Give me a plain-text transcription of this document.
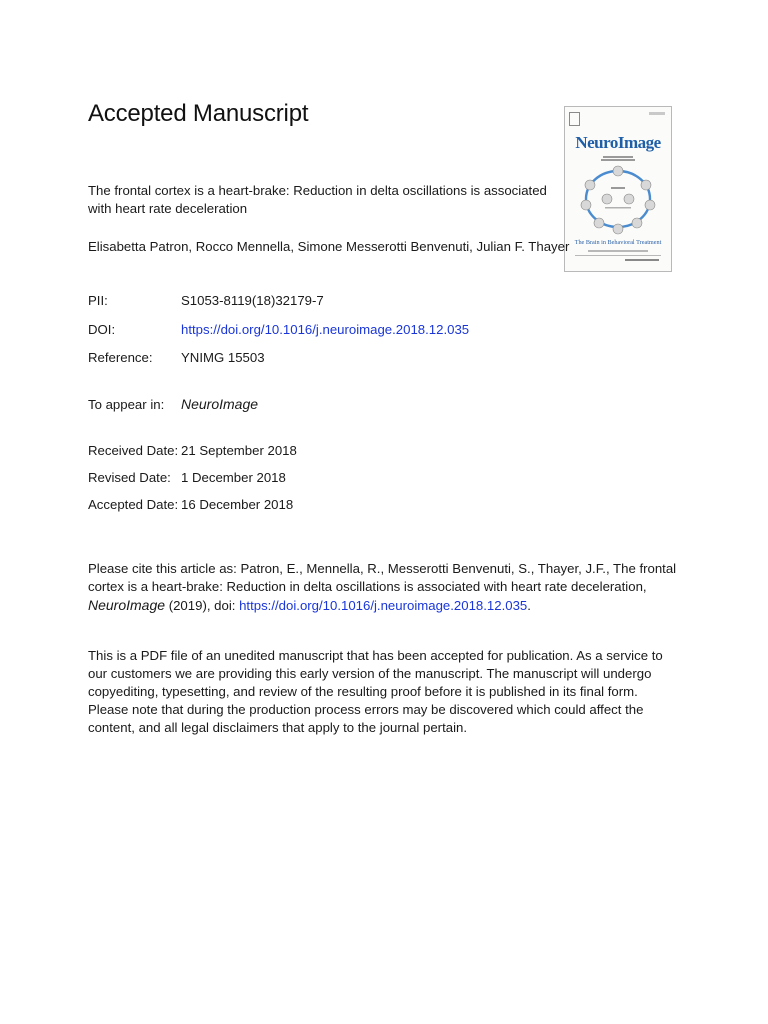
Accepted Manuscript
NeuroImage
The Brain in Behavioral Treatment
The frontal cortex is a heart-brake: Reduction in delta oscillations is associated with heart rate deceleration
Elisabetta Patron, Rocco Mennella, Simone Messerotti Benvenuti, Julian F. Thayer
PII:	S1053-8119(18)32179-7
DOI:	https://doi.org/10.1016/j.neuroimage.2018.12.035
Reference: YNIMG 15503
To appear in: NeuroImage
Received Date: 21 September 2018
Revised Date: 1 December 2018
Accepted Date: 16 December 2018
Please cite this article as: Patron, E., Mennella, R., Messerotti Benvenuti, S., Thayer, J.F., The frontal cortex is a heart-brake: Reduction in delta oscillations is associated with heart rate deceleration, NeuroImage (2019), doi: https://doi.org/10.1016/j.neuroimage.2018.12.035.
This is a PDF file of an unedited manuscript that has been accepted for publication. As a service to our customers we are providing this early version of the manuscript. The manuscript will undergo copyediting, typesetting, and review of the resulting proof before it is published in its final form. Please note that during the production process errors may be discovered which could affect the content, and all legal disclaimers that apply to the journal pertain.
